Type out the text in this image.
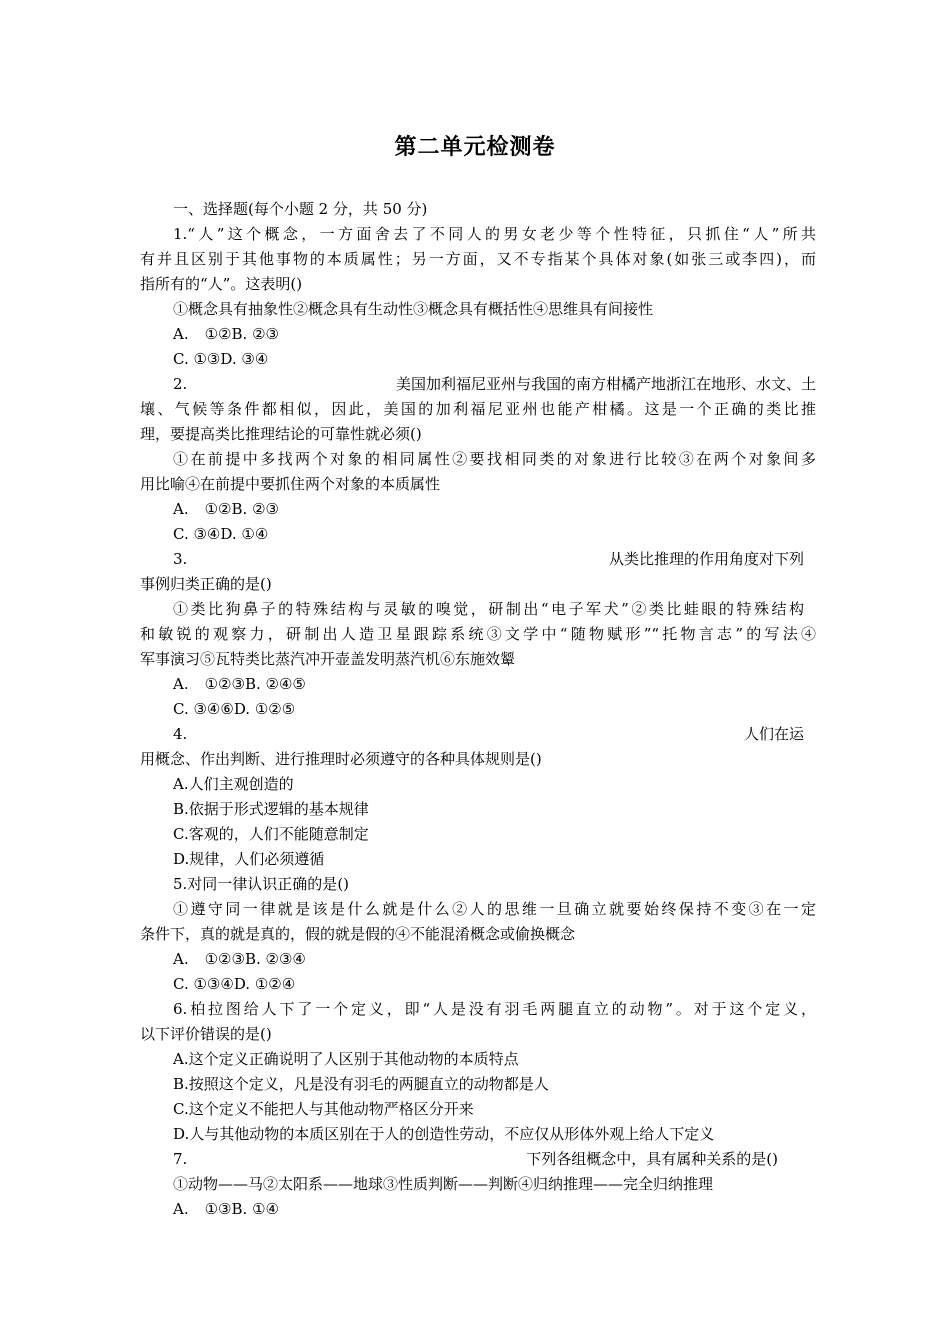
第二单元检测卷
一、选择题(每个小题 2 分，共 50 分)
1.“人”这个概念，一方面舍去了不同人的男女老少等个性特征，只抓住“人”所共
有并且区别于其他事物的本质属性；另一方面，又不专指某个具体对象(如张三或李四)，而
指所有的“人”。这表明()
①概念具有抽象性②概念具有生动性③概念具有概括性④思维具有间接性
A. ①②B. ②③
C. ①③D. ③④
2.	美国加利福尼亚州与我国的南方柑橘产地浙江在地形、水文、土
壤、气候等条件都相似，因此，美国的加利福尼亚州也能产柑橘。这是一个正确的类比推
理，要提高类比推理结论的可靠性就必须()
①在前提中多找两个对象的相同属性②要找相同类的对象进行比较③在两个对象间多
用比喻④在前提中要抓住两个对象的本质属性
A. ①②B. ②③
C. ③④D. ①④
3.	从类比推理的作用角度对下列
事例归类正确的是()
①类比狗鼻子的特殊结构与灵敏的嗅觉，研制出“电子军犬”②类比蛙眼的特殊结构
和敏锐的观察力，研制出人造卫星跟踪系统③文学中“随物赋形”“托物言志”的写法④
军事演习⑤瓦特类比蒸汽冲开壶盖发明蒸汽机⑥东施效颦
A. ①②③B. ②④⑤
C. ③④⑥D. ①②⑤
4.	人们在运
用概念、作出判断、进行推理时必须遵守的各种具体规则是()
A.人们主观创造的
B.依据于形式逻辑的基本规律
C.客观的，人们不能随意制定
D.规律，人们必须遵循
5.对同一律认识正确的是()
①遵守同一律就是该是什么就是什么②人的思维一旦确立就要始终保持不变③在一定
条件下，真的就是真的，假的就是假的④不能混淆概念或偷换概念
A. ①②③B. ②③④
C. ①③④D. ①②④
6.柏拉图给人下了一个定义，即“人是没有羽毛两腿直立的动物”。对于这个定义，
以下评价错误的是()
A.这个定义正确说明了人区别于其他动物的本质特点
B.按照这个定义，凡是没有羽毛的两腿直立的动物都是人
C.这个定义不能把人与其他动物严格区分开来
D.人与其他动物的本质区别在于人的创造性劳动，不应仅从形体外观上给人下定义
7.	下列各组概念中，具有属种关系的是()
①动物——马②太阳系——地球③性质判断——判断④归纳推理——完全归纳推理
A. ①③B. ①④
